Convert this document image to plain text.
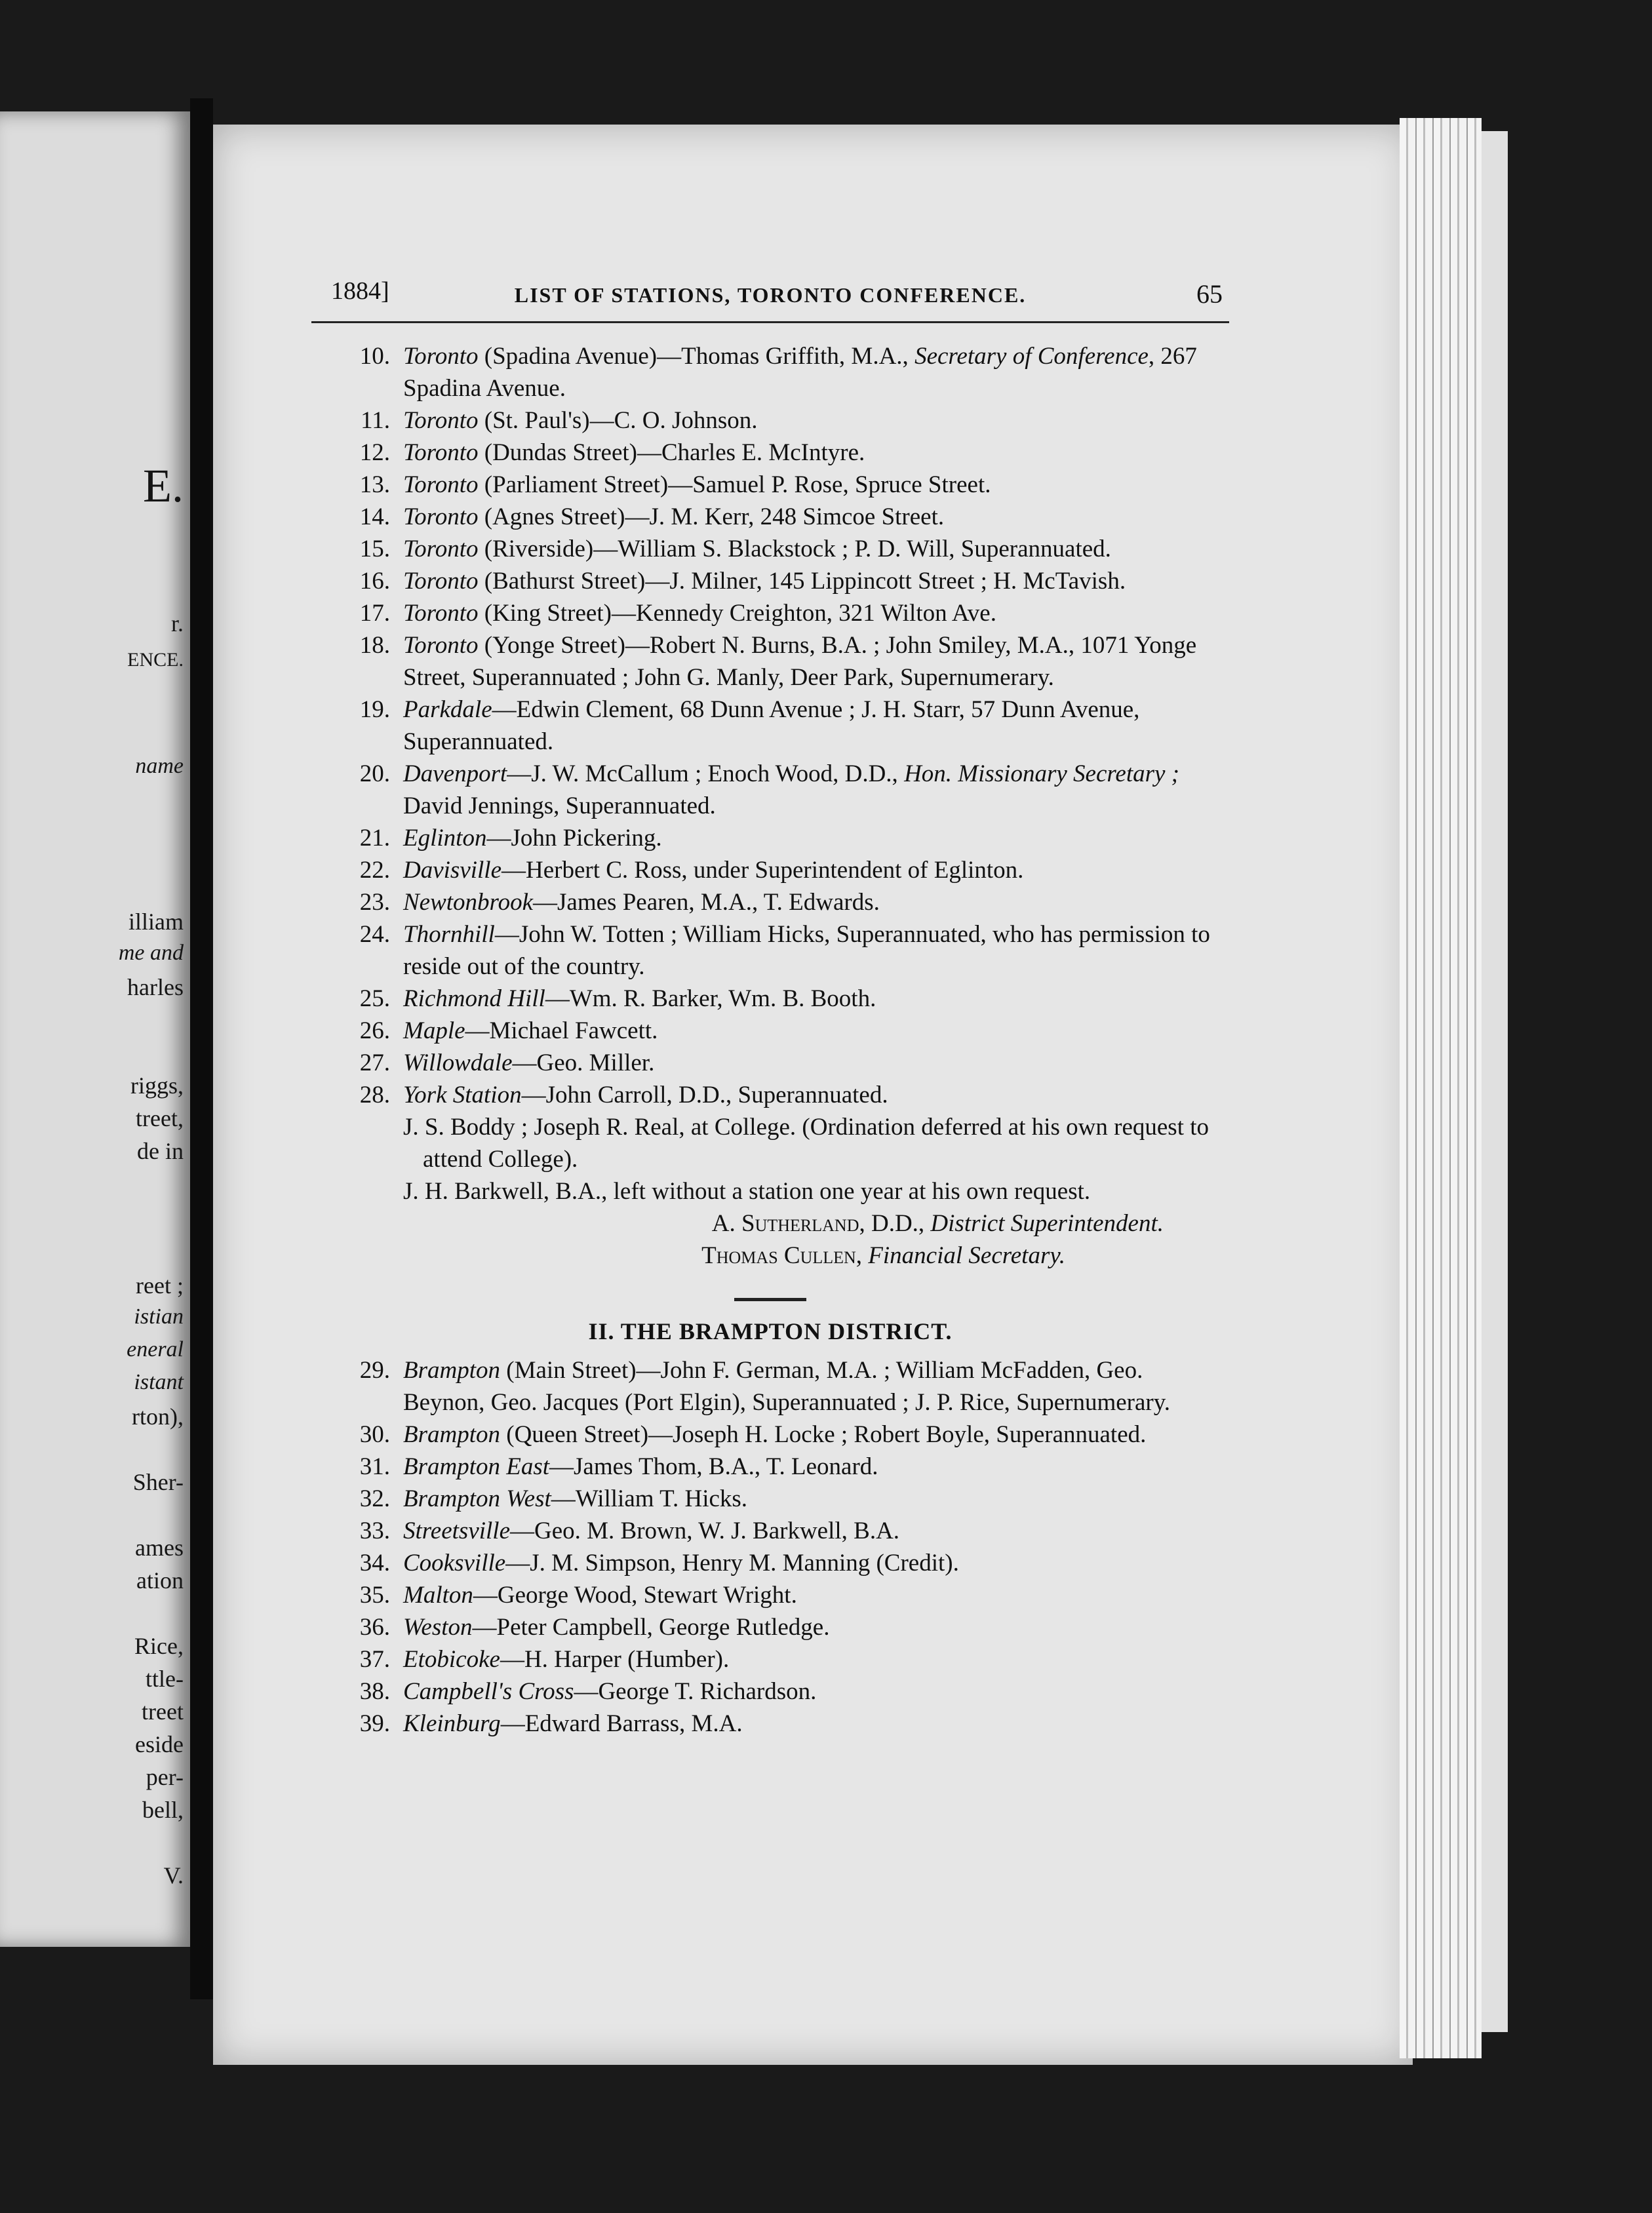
E.
r.
ENCE.
name
illiam
me and
harles
riggs,
treet,
de in
reet ;
istian
eneral
istant
rton),
Sher-
ames
ation
Rice,
ttle-
treet
eside
per-
bell,
V.
1884]	LIST OF STATIONS, TORONTO CONFERENCE.	65
10. Toronto (Spadina Avenue)—Thomas Griffith, M.A., Secretary of Conference, 267 Spadina Avenue.
11. Toronto (St. Paul's)—C. O. Johnson.
12. Toronto (Dundas Street)—Charles E. McIntyre.
13. Toronto (Parliament Street)—Samuel P. Rose, Spruce Street.
14. Toronto (Agnes Street)—J. M. Kerr, 248 Simcoe Street.
15. Toronto (Riverside)—William S. Blackstock ; P. D. Will, Superannuated.
16. Toronto (Bathurst Street)—J. Milner, 145 Lippincott Street ; H. McTavish.
17. Toronto (King Street)—Kennedy Creighton, 321 Wilton Ave.
18. Toronto (Yonge Street)—Robert N. Burns, B.A. ; John Smiley, M.A., 1071 Yonge Street, Superannuated ; John G. Manly, Deer Park, Supernumerary.
19. Parkdale—Edwin Clement, 68 Dunn Avenue ; J. H. Starr, 57 Dunn Avenue, Superannuated.
20. Davenport—J. W. McCallum ; Enoch Wood, D.D., Hon. Missionary Secretary ; David Jennings, Superannuated.
21. Eglinton—John Pickering.
22. Davisville—Herbert C. Ross, under Superintendent of Eglinton.
23. Newtonbrook—James Pearen, M.A., T. Edwards.
24. Thornhill—John W. Totten ; William Hicks, Superannuated, who has permission to reside out of the country.
25. Richmond Hill—Wm. R. Barker, Wm. B. Booth.
26. Maple—Michael Fawcett.
27. Willowdale—Geo. Miller.
28. York Station—John Carroll, D.D., Superannuated.

J. S. Boddy ; Joseph R. Real, at College. (Ordination deferred at his own request to attend College).

J. H. Barkwell, B.A., left without a station one year at his own request.

A. Sutherland, D.D., District Superintendent.
Thomas Cullen, Financial Secretary.
II. THE BRAMPTON DISTRICT.
29. Brampton (Main Street)—John F. German, M.A. ; William McFadden, Geo. Beynon, Geo. Jacques (Port Elgin), Superannuated ; J. P. Rice, Supernumerary.
30. Brampton (Queen Street)—Joseph H. Locke ; Robert Boyle, Superannuated.
31. Brampton East—James Thom, B.A., T. Leonard.
32. Brampton West—William T. Hicks.
33. Streetsville—Geo. M. Brown, W. J. Barkwell, B.A.
34. Cooksville—J. M. Simpson, Henry M. Manning (Credit).
35. Malton—George Wood, Stewart Wright.
36. Weston—Peter Campbell, George Rutledge.
37. Etobicoke—H. Harper (Humber).
38. Campbell's Cross—George T. Richardson.
39. Kleinburg—Edward Barrass, M.A.
